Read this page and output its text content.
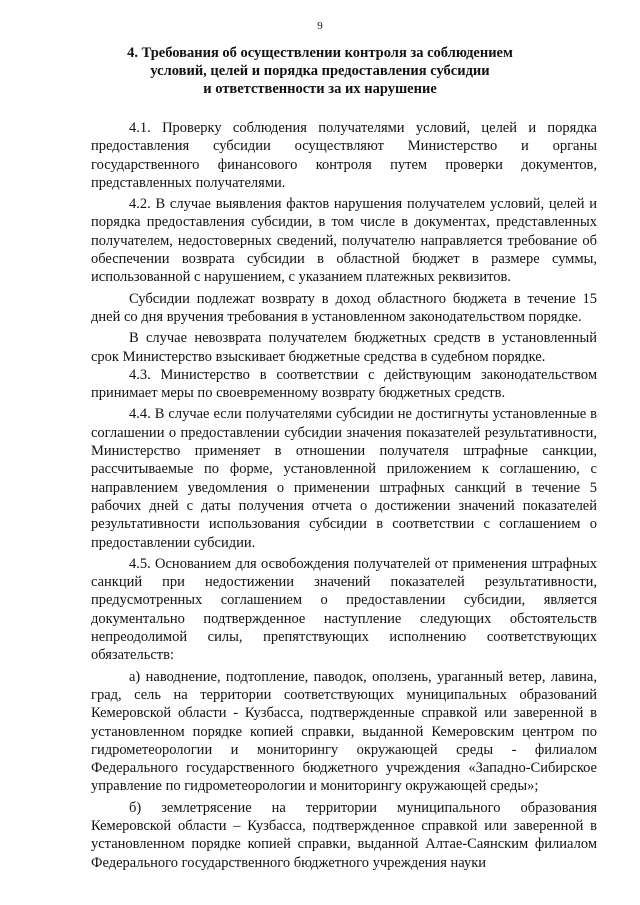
9
4. Требования об осуществлении контроля за соблюдением
условий, целей и порядка предоставления субсидии
и ответственности за их нарушение

4.1. Проверку соблюдения получателями условий, целей и порядка предоставления субсидии осуществляют Министерство и органы государственного финансового контроля путем проверки документов, представленных получателями.

4.2. В случае выявления фактов нарушения получателем условий, целей и порядка предоставления субсидии, в том числе в документах, представленных получателем, недостоверных сведений, получателю направляется требование об обеспечении возврата субсидии в областной бюджет в размере суммы, использованной с нарушением, с указанием платежных реквизитов.

Субсидии подлежат возврату в доход областного бюджета в течение 15 дней со дня вручения требования в установленном законодательством порядке.

В случае невозврата получателем бюджетных средств в установленный срок Министерство взыскивает бюджетные средства в судебном порядке.

4.3. Министерство в соответствии с действующим законодательством принимает меры по своевременному возврату бюджетных средств.

4.4. В случае если получателями субсидии не достигнуты установленные в соглашении о предоставлении субсидии значения показателей результативности, Министерство применяет в отношении получателя штрафные санкции, рассчитываемые по форме, установленной приложением к соглашению, с направлением уведомления о применении штрафных санкций в течение 5 рабочих дней с даты получения отчета о достижении значений показателей результативности использования субсидии в соответствии с соглашением о предоставлении субсидии.

4.5. Основанием для освобождения получателей от применения штрафных санкций при недостижении значений показателей результативности, предусмотренных соглашением о предоставлении субсидии, является документально подтвержденное наступление следующих обстоятельств непреодолимой силы, препятствующих исполнению соответствующих обязательств:

а) наводнение, подтопление, паводок, оползень, ураганный ветер, лавина, град, сель на территории соответствующих муниципальных образований Кемеровской области - Кузбасса, подтвержденные справкой или заверенной в установленном порядке копией справки, выданной Кемеровским центром по гидрометеорологии и мониторингу окружающей среды - филиалом Федерального государственного бюджетного учреждения «Западно-Сибирское управление по гидрометеорологии и мониторингу окружающей среды»;

б) землетрясение на территории муниципального образования Кемеровской области – Кузбасса, подтвержденное справкой или заверенной в установленном порядке копией справки, выданной Алтае-Саянским филиалом Федерального государственного бюджетного учреждения науки
